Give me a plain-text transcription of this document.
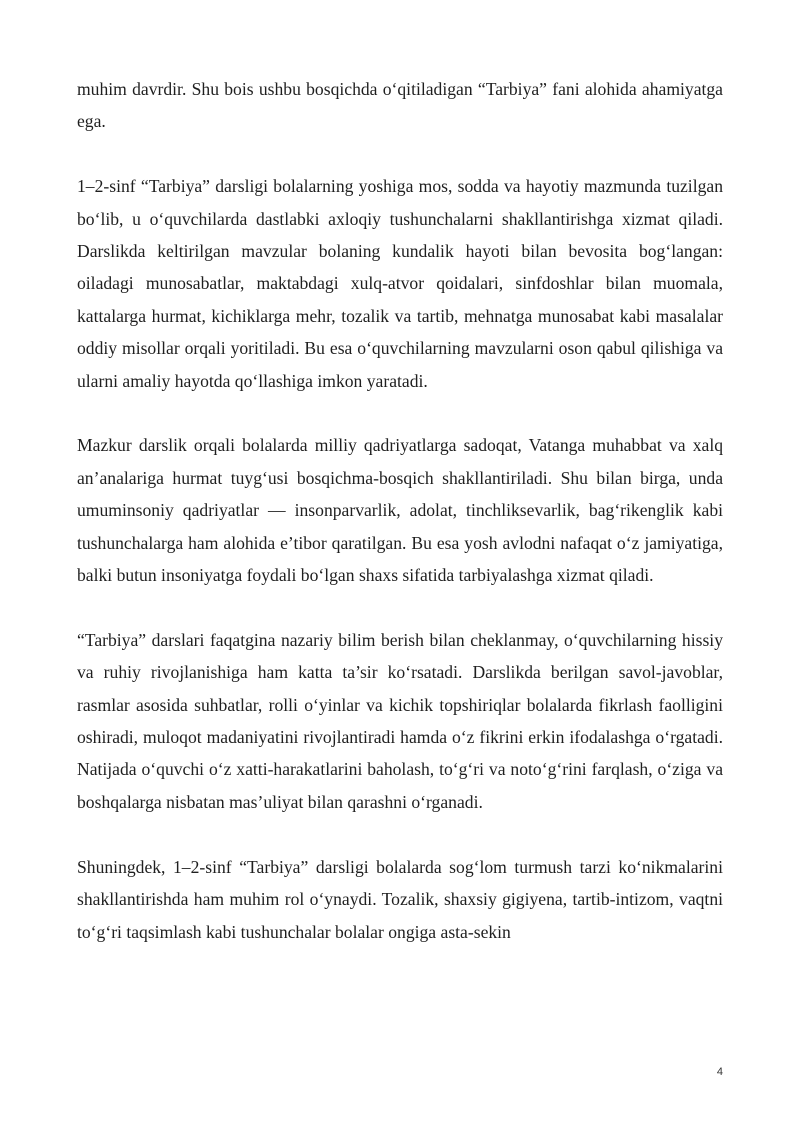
muhim davrdir. Shu bois ushbu bosqichda o‘qitiladigan “Tarbiya” fani alohida ahamiyatga ega.

1–2-sinf “Tarbiya” darsligi bolalarning yoshiga mos, sodda va hayotiy mazmunda tuzilgan bo‘lib, u o‘quvchilarda dastlabki axloqiy tushunchalarni shakllantirishga xizmat qiladi. Darslikda keltirilgan mavzular bolaning kundalik hayoti bilan bevosita bog‘langan: oiladagi munosabatlar, maktabdagi xulq-atvor qoidalari, sinfdoshlar bilan muomala, kattalarga hurmat, kichiklarga mehr, tozalik va tartib, mehnatga munosabat kabi masalalar oddiy misollar orqali yoritiladi. Bu esa o‘quvchilarning mavzularni oson qabul qilishiga va ularni amaliy hayotda qo‘llashiga imkon yaratadi.

Mazkur darslik orqali bolalarda milliy qadriyatlarga sadoqat, Vatanga muhabbat va xalq an’analariga hurmat tuyg‘usi bosqichma-bosqich shakllantiriladi. Shu bilan birga, unda umuminsoniy qadriyatlar — insonparvarlik, adolat, tinchliksevarlik, bag‘rikenglik kabi tushunchalarga ham alohida e’tibor qaratilgan. Bu esa yosh avlodni nafaqat o‘z jamiyatiga, balki butun insoniyatga foydali bo‘lgan shaxs sifatida tarbiyalashga xizmat qiladi.

“Tarbiya” darslari faqatgina nazariy bilim berish bilan cheklanmay, o‘quvchilarning hissiy va ruhiy rivojlanishiga ham katta ta’sir ko‘rsatadi. Darslikda berilgan savol-javoblar, rasmlar asosida suhbatlar, rolli o‘yinlar va kichik topshiriqlar bolalarda fikrlash faolligini oshiradi, muloqot madaniyatini rivojlantiradi hamda o‘z fikrini erkin ifodalashga o‘rgatadi. Natijada o‘quvchi o‘z xatti-harakatlarini baholash, to‘g‘ri va noto‘g‘rini farqlash, o‘ziga va boshqalarga nisbatan mas’uliyat bilan qarashni o‘rganadi.

Shuningdek, 1–2-sinf “Tarbiya” darsligi bolalarda sog‘lom turmush tarzi ko‘nikmalarini shakllantirishda ham muhim rol o‘ynaydi. Tozalik, shaxsiy gigiyena, tartib-intizom, vaqtni to‘g‘ri taqsimlash kabi tushunchalar bolalar ongiga asta-sekin

4
